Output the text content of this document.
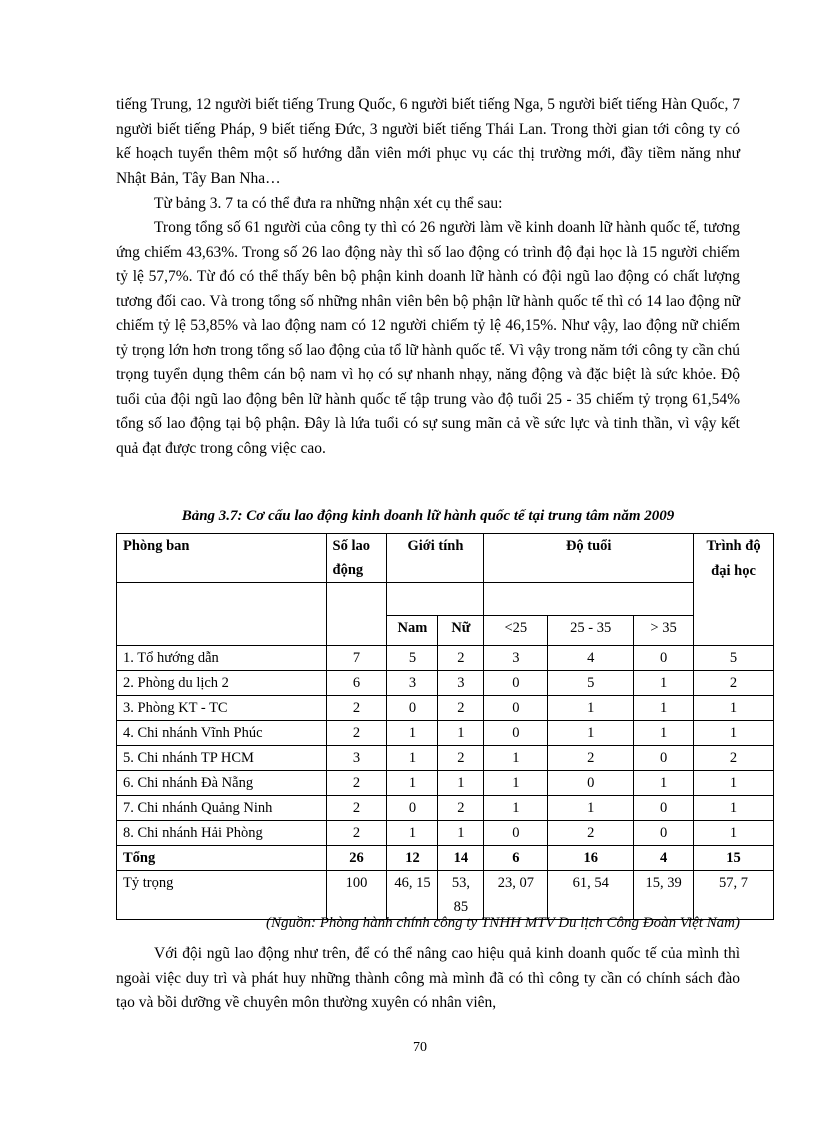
tiếng Trung, 12 người biết tiếng Trung Quốc, 6 người biết tiếng Nga, 5 người biết tiếng Hàn Quốc, 7 người biết tiếng Pháp, 9 biết tiếng Đức, 3 người biết tiếng Thái Lan. Trong thời gian tới công ty có kế hoạch tuyển thêm một số hướng dẫn viên mới phục vụ các thị trường mới, đầy tiềm năng như Nhật Bản, Tây Ban Nha…

Từ bảng 3. 7 ta có thể đưa ra những nhận xét cụ thể sau:

Trong tổng số 61 người của công ty thì có 26 người làm về kinh doanh lữ hành quốc tế, tương ứng chiếm 43,63%. Trong số 26 lao động này thì số lao động có trình độ đại học là 15 người chiếm tỷ lệ 57,7%. Từ đó có thể thấy bên bộ phận kinh doanh lữ hành có đội ngũ lao động có chất lượng tương đối cao. Và trong tổng số những nhân viên bên bộ phận lữ hành quốc tế thì có 14 lao động nữ chiếm tỷ lệ 53,85% và lao động nam có 12 người chiếm tỷ lệ 46,15%. Như vậy, lao động nữ chiếm tỷ trọng lớn hơn trong tổng số lao động của tổ lữ hành quốc tế. Vì vậy trong năm tới công ty cần chú trọng tuyển dụng thêm cán bộ nam vì họ có sự nhanh nhạy, năng động và đặc biệt là sức khỏe. Độ tuổi của đội ngũ lao động bên lữ hành quốc tế tập trung vào độ tuổi 25 - 35 chiếm tỷ trọng 61,54% tổng số lao động tại bộ phận. Đây là lứa tuổi có sự sung mãn cả về sức lực và tinh thần, vì vậy kết quả đạt được trong công việc cao.

Bảng 3.7: Cơ cấu lao động kinh doanh lữ hành quốc tế tại trung tâm năm 2009
Phòng ban	Số lao động	Giới tính		Độ tuổi			Trình độ đại học

		Nam	Nữ	<25	25 - 35	> 35	
1. Tổ hướng dẫn	7	5	2	3	4	0	5
2. Phòng du lịch 2	6	3	3	0	5	1	2
3. Phòng KT - TC	2	0	2	0	1	1	1
4. Chi nhánh Vĩnh Phúc	2	1	1	0	1	1	1
5. Chi nhánh TP HCM	3	1	2	1	2	0	2
6. Chi nhánh Đà Nẵng	2	1	1	1	0	1	1
7. Chi nhánh Quảng Ninh	2	0	2	1	1	0	1
8. Chi nhánh Hải Phòng	2	1	1	0	2	0	1
Tổng	26	12	14	6	16	4	15
Tỷ trọng	100	46, 15	53, 85	23, 07	61, 54	15, 39	57, 7
(Nguồn: Phòng hành chính công ty TNHH MTV Du lịch Công Đoàn Việt Nam)

Với đội ngũ lao động như trên, để có thể nâng cao hiệu quả kinh doanh quốc tế của mình thì ngoài việc duy trì và phát huy những thành công mà mình đã có thì công ty cần có chính sách đào tạo và bồi dưỡng về chuyên môn thường xuyên có nhân viên,

70
